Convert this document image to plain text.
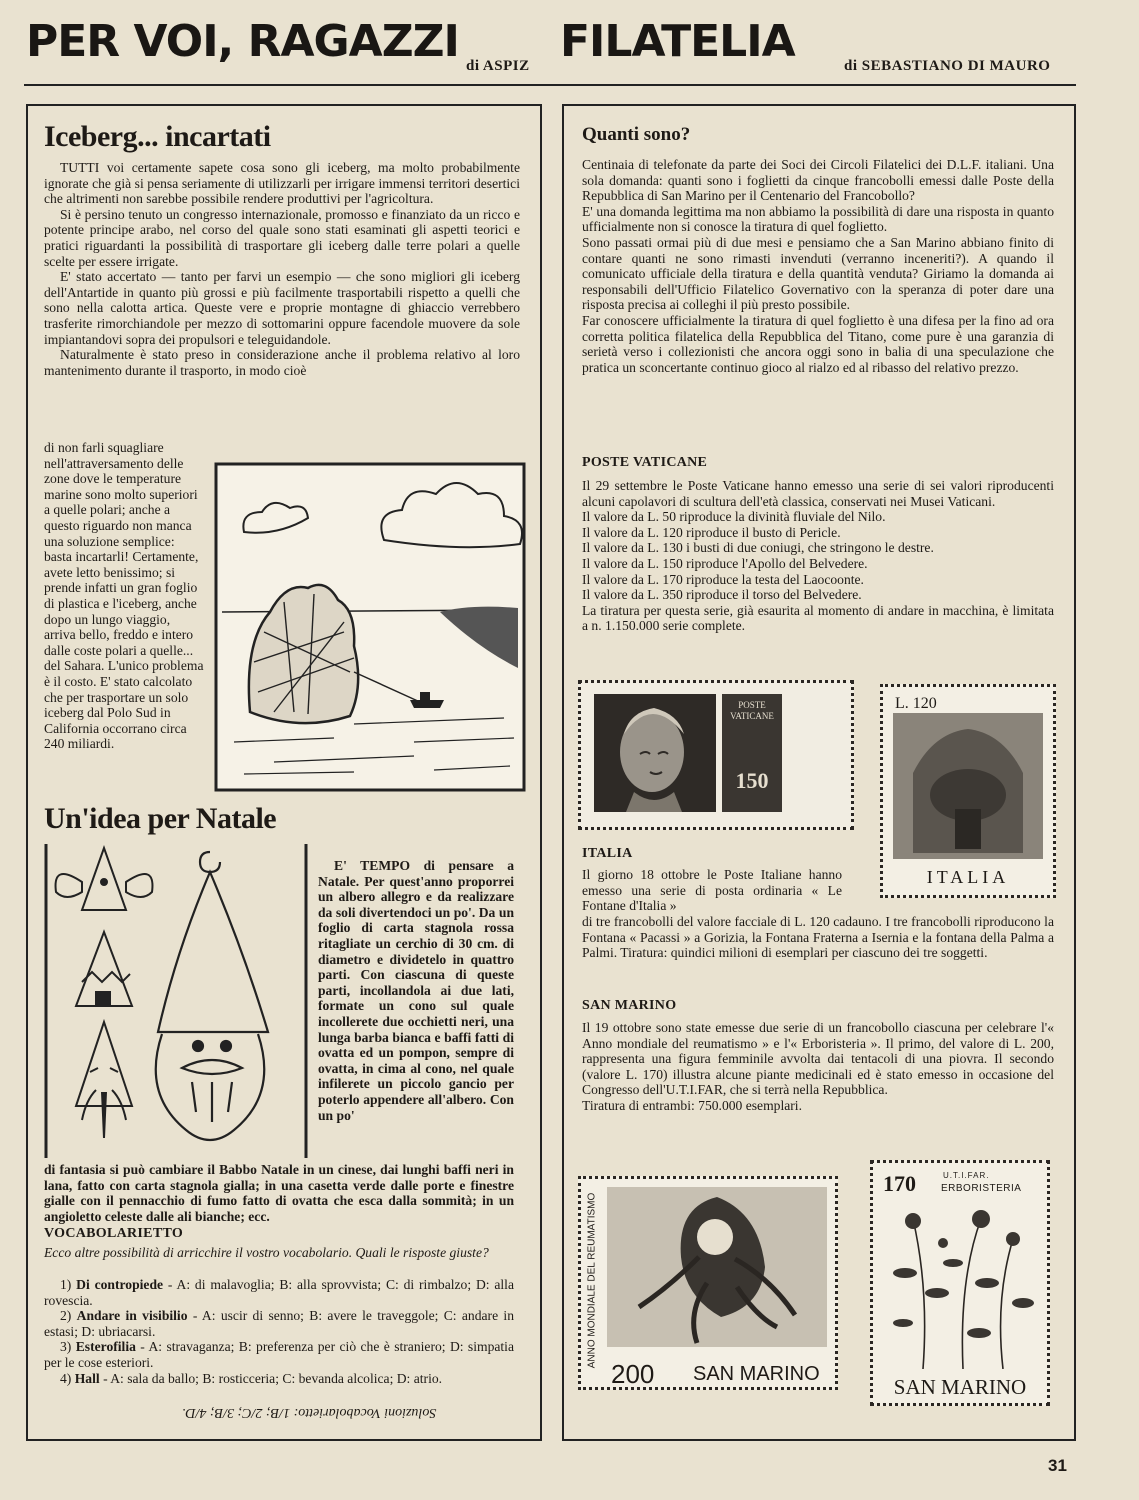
PER VOI, RAGAZZI di ASPIZ FILATELIA	di SEBASTIANO DI MAURO
Iceberg... incartati

TUTTI voi certamente sapete cosa sono gli iceberg, ma molto probabilmente ignorate che già si pensa seriamente di utilizzarli per irrigare immensi territori desertici che altrimenti non sarebbe possibile rendere produttivi per l'agricoltura.

Si è persino tenuto un congresso internazionale, promosso e finanziato da un ricco e potente principe arabo, nel corso del quale sono stati esaminati gli aspetti teorici e pratici riguardanti la possibilità di trasportare gli iceberg dalle terre polari a quelle scelte per essere irrigate.

E' stato accertato — tanto per farvi un esempio — che sono migliori gli iceberg dell'Antartide in quanto più grossi e più facilmente trasportabili rispetto a quelli che sono nella calotta artica. Queste vere e proprie montagne di ghiaccio verrebbero trasferite rimorchiandole per mezzo di sottomarini oppure facendole muovere da sole impiantandovi sopra dei propulsori e teleguidandole.

Naturalmente è stato preso in considerazione anche il problema relativo al loro mantenimento durante il trasporto, in modo cioè

di non farli squagliare nell'attraversamento delle zone dove le temperature marine sono molto superiori a quelle polari; anche a questo riguardo non manca una soluzione semplice: basta incartarli! Certamente, avete letto benissimo; si prende infatti un gran foglio di plastica e l'iceberg, anche dopo un lungo viaggio, arriva bello, freddo e intero dalle coste polari a quelle... del Sahara. L'unico problema è il costo. E' stato calcolato che per trasportare un solo iceberg dal Polo Sud in California occorrano circa 240 miliardi.

Un'idea per Natale

E' TEMPO di pensare a Natale. Per quest'anno proporrei un albero allegro e da realizzare da soli divertendoci un po'. Da un foglio di carta stagnola rossa ritagliate un cerchio di 30 cm. di diametro e dividetelo in quattro parti. Con ciascuna di queste parti, incollandola ai due lati, formate un cono sul quale incollerete due occhietti neri, una lunga barba bianca e baffi fatti di ovatta ed un pompon, sempre di ovatta, in cima al cono, nel quale infilerete un piccolo gancio per poterlo appendere all'albero. Con un po'

di fantasia si può cambiare il Babbo Natale in un cinese, dai lunghi baffi neri in lana, fatto con carta stagnola gialla; in una casetta verde dalle porte e finestre gialle con il pennacchio di fumo fatto di ovatta che esca dalla sommità; in un angioletto celeste dalle ali bianche; ecc.

VOCABOLARIETTO

Ecco altre possibilità di arricchire il vostro vocabolario. Quali le risposte giuste?

1) Di contropiede - A: di malavoglia; B: alla sprovvista; C: di rimbalzo; D: alla rovescia.

2) Andare in visibilio - A: uscir di senno; B: avere le traveggole; C: andare in estasi; D: ubriacarsi.

3) Esterofilia - A: stravaganza; B: preferenza per ciò che è straniero; D: simpatia per le cose esteriori.

4) Hall - A: sala da ballo; B: rosticceria; C: bevanda alcolica; D: atrio.

Soluzioni Vocabolarietto: 1/B; 2/C; 3/B; 4/D.
Quanti sono?

Centinaia di telefonate da parte dei Soci dei Circoli Filatelici dei D.L.F. italiani. Una sola domanda: quanti sono i foglietti da cinque francobolli emessi dalle Poste della Repubblica di San Marino per il Centenario del Francobollo?

E' una domanda legittima ma non abbiamo la possibilità di dare una risposta in quanto ufficialmente non si conosce la tiratura di quel foglietto.

Sono passati ormai più di due mesi e pensiamo che a San Marino abbiano finito di contare quanti ne sono rimasti invenduti (verranno inceneriti?). A quando il comunicato ufficiale della tiratura e della quantità venduta? Giriamo la domanda ai responsabili dell'Ufficio Filatelico Governativo con la speranza di poter dare una risposta precisa ai colleghi il più presto possibile.

Far conoscere ufficialmente la tiratura di quel foglietto è una difesa per la fino ad ora corretta politica filatelica della Repubblica del Titano, come pure è una garanzia di serietà verso i collezionisti che ancora oggi sono in balia di una speculazione che pratica un sconcertante continuo gioco al rialzo ed al ribasso del relativo prezzo.

POSTE VATICANE

Il 29 settembre le Poste Vaticane hanno emesso una serie di sei valori riproducenti alcuni capolavori di scultura dell'età classica, conservati nei Musei Vaticani.

Il valore da L. 50 riproduce la divinità fluviale del Nilo.

Il valore da L. 120 riproduce il busto di Pericle.

Il valore da L. 130 i busti di due coniugi, che stringono le destre.

Il valore da L. 150 riproduce l'Apollo del Belvedere.

Il valore da L. 170 riproduce la testa del Laocoonte.

Il valore da L. 350 riproduce il torso del Belvedere.

La tiratura per questa serie, già esaurita al momento di andare in macchina, è limitata a n. 1.150.000 serie complete.

POSTE VATICANE
150
L. 120
ITALIA
ITALIA

Il giorno 18 ottobre le Poste Italiane hanno emesso una serie di posta ordinaria « Le Fontane d'Italia »

di tre francobolli del valore facciale di L. 120 cadauno. I tre francobolli riproducono la Fontana « Pacassi » a Gorizia, la Fontana Fraterna a Isernia e la fontana della Palma a Palmi. Tiratura: quindici milioni di esemplari per ciascuno dei tre soggetti.

SAN MARINO

Il 19 ottobre sono state emesse due serie di un francobollo ciascuna per celebrare l'« Anno mondiale del reumatismo » e l'« Erboristeria ». Il primo, del valore di L. 200, rappresenta una figura femminile avvolta dai tentacoli di una piovra. Il secondo (valore L. 170) illustra alcune piante medicinali ed è stato emesso in occasione del Congresso dell'U.T.I.FAR, che si terrà nella Repubblica.

Tiratura di entrambi: 750.000 esemplari.

ANNO MONDIALE DEL REUMATISMO
200 SAN MARINO
170	U.T.I.FAR.
ERBORISTERIA
SAN MARINO
31
